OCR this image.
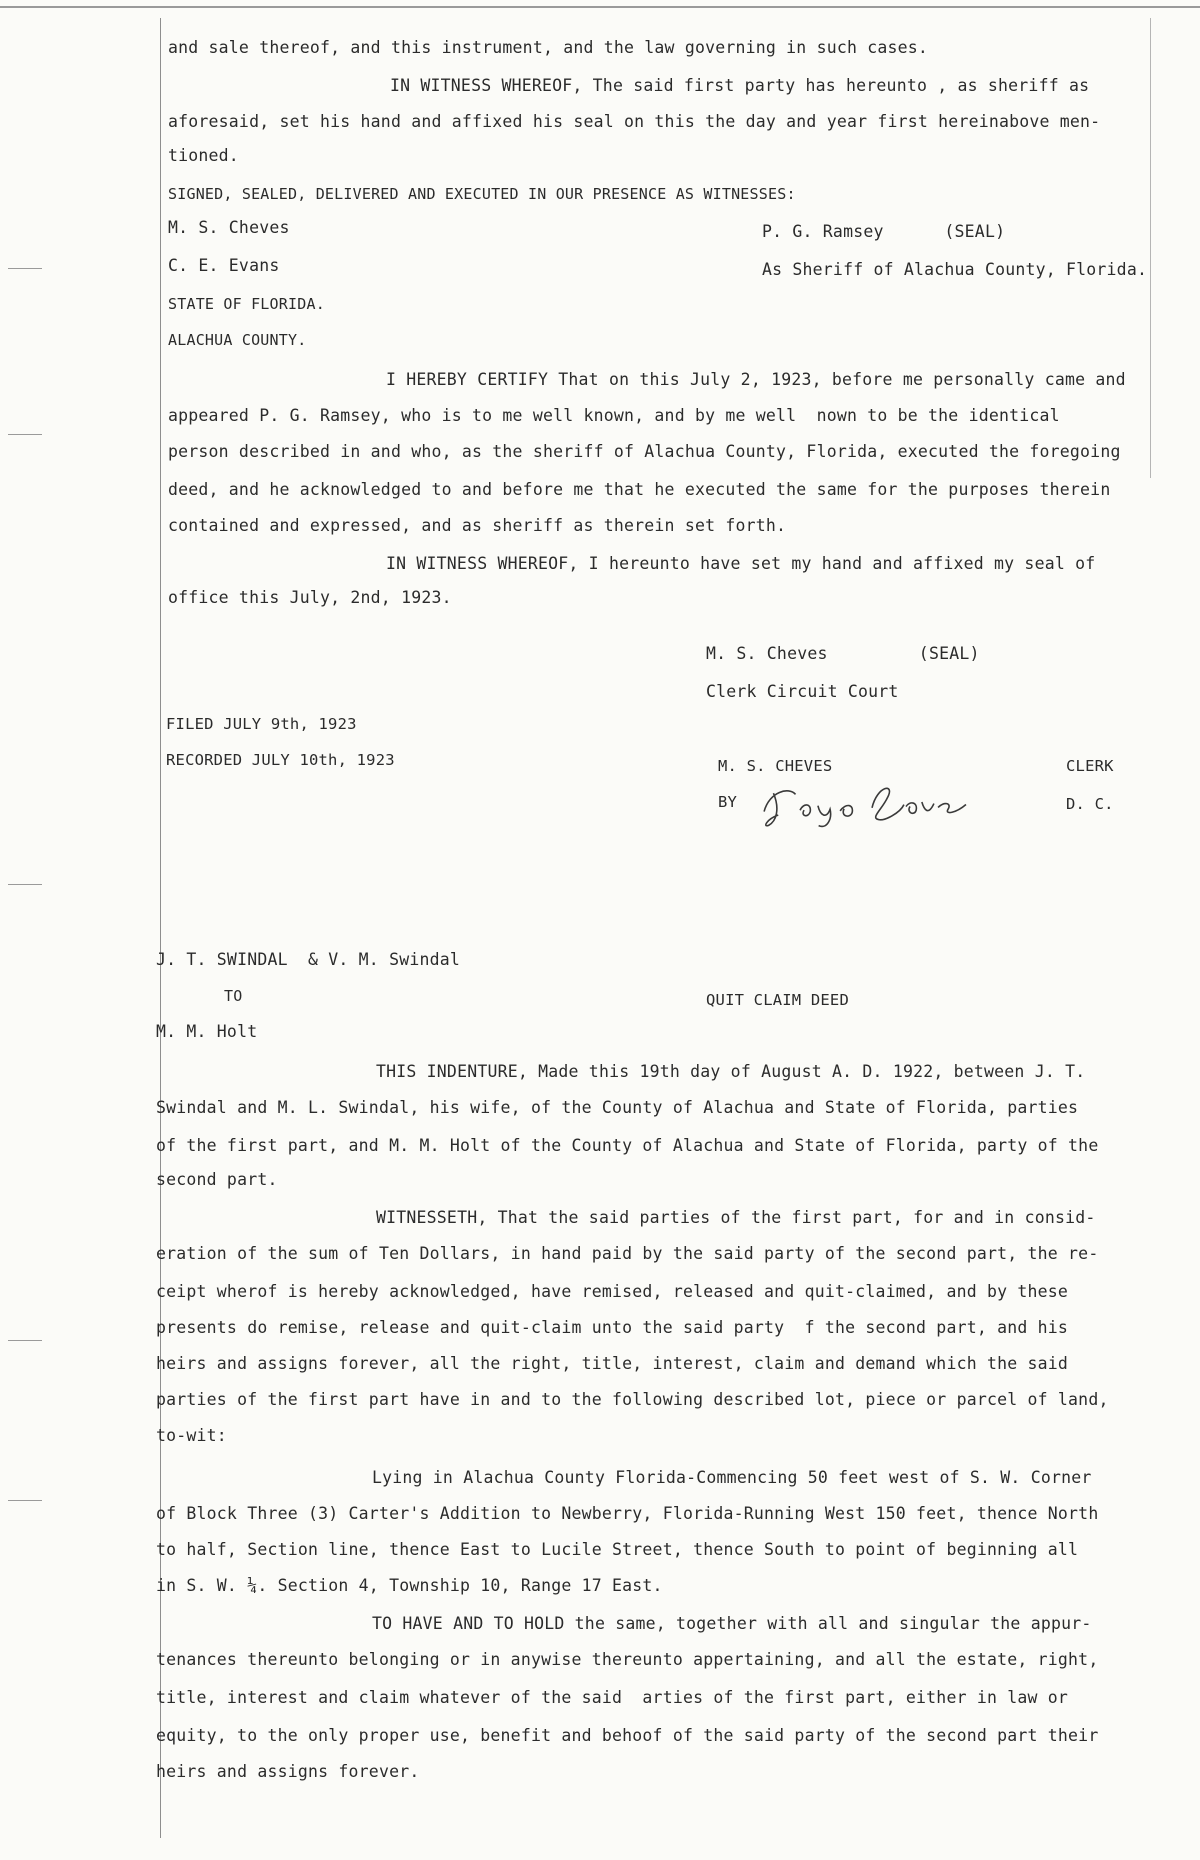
and sale thereof, and this instrument, and the law governing in such cases.
IN WITNESS WHEREOF, The said first party has hereunto , as sheriff as
aforesaid, set his hand and affixed his seal on this the day and year first hereinabove men-
tioned.
SIGNED, SEALED, DELIVERED AND EXECUTED IN OUR PRESENCE AS WITNESSES:
M. S. Cheves	P. G. Ramsey      (SEAL)
C. E. Evans	As Sheriff of Alachua County, Florida.
STATE OF FLORIDA.
ALACHUA COUNTY.
I HEREBY CERTIFY That on this July 2, 1923, before me personally came and
appeared P. G. Ramsey, who is to me well known, and by me well  nown to be the identical
person described in and who, as the sheriff of Alachua County, Florida, executed the foregoing
deed, and he acknowledged to and before me that he executed the same for the purposes therein
contained and expressed, and as sheriff as therein set forth.
IN WITNESS WHEREOF, I hereunto have set my hand and affixed my seal of
office this July, 2nd, 1923.
M. S. Cheves         (SEAL)
Clerk Circuit Court
FILED JULY 9th, 1923
RECORDED JULY 10th, 1923	M. S. CHEVES	CLERK
BY	D. C.
J. T. SWINDAL  & V. M. Swindal
TO	QUIT CLAIM DEED
M. M. Holt
THIS INDENTURE, Made this 19th day of August A. D. 1922, between J. T.
Swindal and M. L. Swindal, his wife, of the County of Alachua and State of Florida, parties
of the first part, and M. M. Holt of the County of Alachua and State of Florida, party of the
second part.
WITNESSETH, That the said parties of the first part, for and in consid-
eration of the sum of Ten Dollars, in hand paid by the said party of the second part, the re-
ceipt wherof is hereby acknowledged, have remised, released and quit-claimed, and by these
presents do remise, release and quit-claim unto the said party  f the second part, and his
heirs and assigns forever, all the right, title, interest, claim and demand which the said
parties of the first part have in and to the following described lot, piece or parcel of land,
to-wit:
Lying in Alachua County Florida-Commencing 50 feet west of S. W. Corner
of Block Three (3) Carter's Addition to Newberry, Florida-Running West 150 feet, thence North
to half, Section line, thence East to Lucile Street, thence South to point of beginning all
in S. W. ¼. Section 4, Township 10, Range 17 East.
TO HAVE AND TO HOLD the same, together with all and singular the appur-
tenances thereunto belonging or in anywise thereunto appertaining, and all the estate, right,
title, interest and claim whatever of the said  arties of the first part, either in law or
equity, to the only proper use, benefit and behoof of the said party of the second part their
heirs and assigns forever.
